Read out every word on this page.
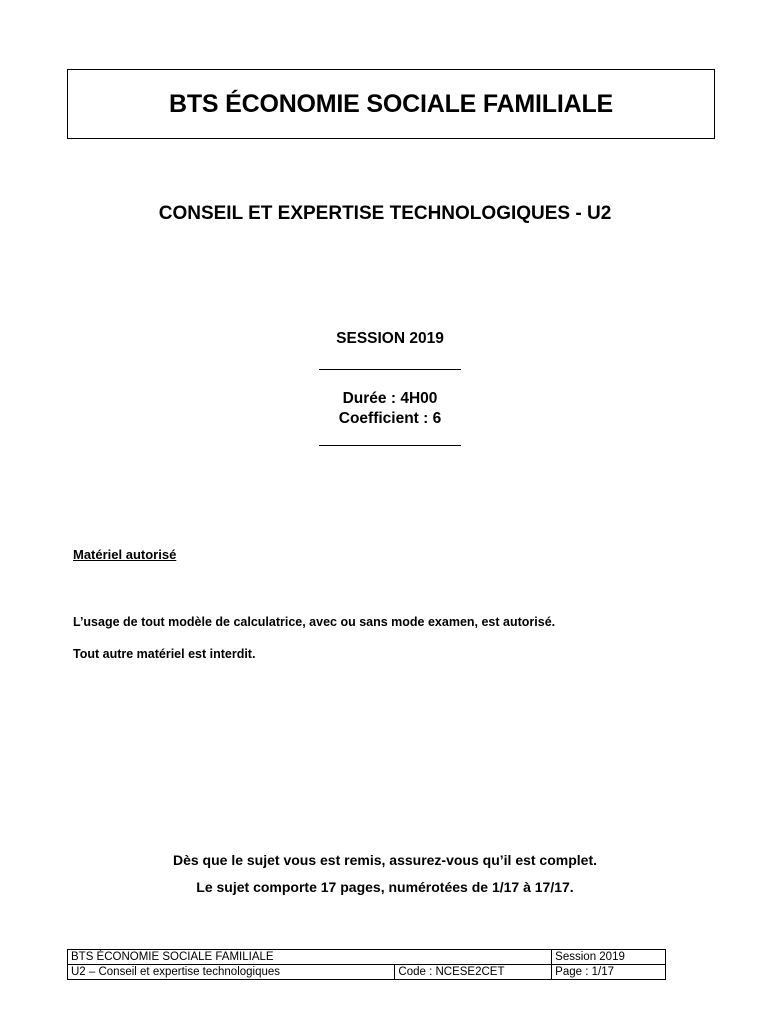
BTS ÉCONOMIE SOCIALE FAMILIALE
CONSEIL ET EXPERTISE TECHNOLOGIQUES - U2
SESSION 2019
Durée : 4H00
Coefficient : 6
Matériel autorisé
L’usage de tout modèle de calculatrice, avec ou sans mode examen, est autorisé.
Tout autre matériel est interdit.
Dès que le sujet vous est remis, assurez-vous qu’il est complet.
Le sujet comporte 17 pages, numérotées de 1/17 à 17/17.
BTS ÉCONOMIE SOCIALE FAMILIALE		Session 2019
U2 – Conseil et expertise technologiques	Code : NCESE2CET	Page : 1/17
